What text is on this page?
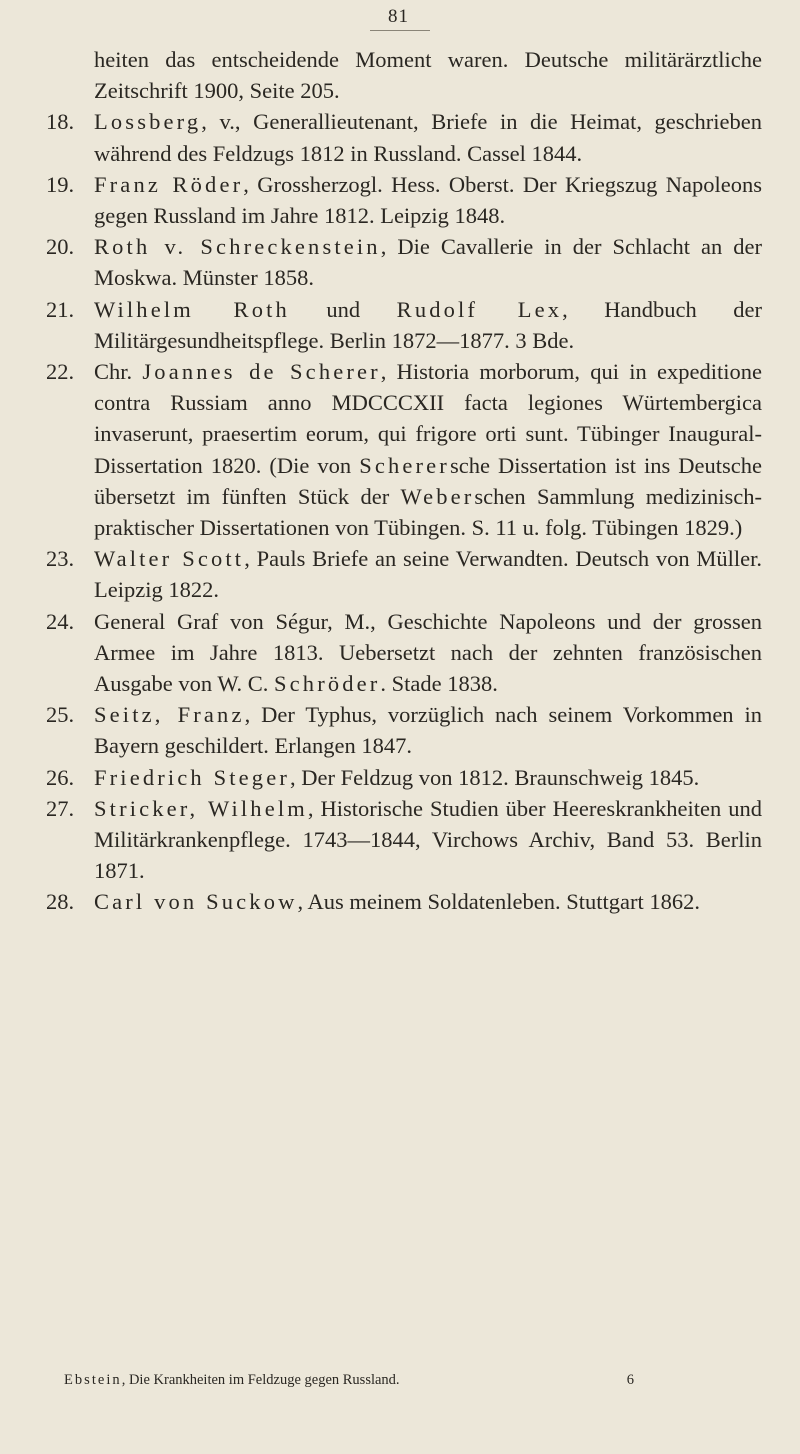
81
heiten das entscheidende Moment waren. Deutsche militärärztliche Zeitschrift 1900, Seite 205.
18. Lossberg, v., Generallieutenant, Briefe in die Heimat, geschrieben während des Feldzugs 1812 in Russland. Cassel 1844.
19. Franz Röder, Grossherzogl. Hess. Oberst. Der Kriegszug Napoleons gegen Russland im Jahre 1812. Leipzig 1848.
20. Roth v. Schreckenstein, Die Cavallerie in der Schlacht an der Moskwa. Münster 1858.
21. Wilhelm Roth und Rudolf Lex, Handbuch der Militärgesundheitspflege. Berlin 1872—1877. 3 Bde.
22. Chr. Joannes de Scherer, Historia morborum, qui in expeditione contra Russiam anno MDCCCXII facta legiones Würtembergica invaserunt, praesertim eorum, qui frigore orti sunt. Tübinger Inaugural-Dissertation 1820. (Die von Scherersche Dissertation ist ins Deutsche übersetzt im fünften Stück der Weberschen Sammlung medizinisch-praktischer Dissertationen von Tübingen. S. 11 u. folg. Tübingen 1829.)
23. Walter Scott, Pauls Briefe an seine Verwandten. Deutsch von Müller. Leipzig 1822.
24. General Graf von Ségur, M., Geschichte Napoleons und der grossen Armee im Jahre 1813. Uebersetzt nach der zehnten französischen Ausgabe von W. C. Schröder. Stade 1838.
25. Seitz, Franz, Der Typhus, vorzüglich nach seinem Vorkommen in Bayern geschildert. Erlangen 1847.
26. Friedrich Steger, Der Feldzug von 1812. Braunschweig 1845.
27. Stricker, Wilhelm, Historische Studien über Heereskrankheiten und Militärkrankenpflege. 1743—1844, Virchows Archiv, Band 53. Berlin 1871.
28. Carl von Suckow, Aus meinem Soldatenleben. Stuttgart 1862.
Ebstein, Die Krankheiten im Feldzuge gegen Russland.	6
